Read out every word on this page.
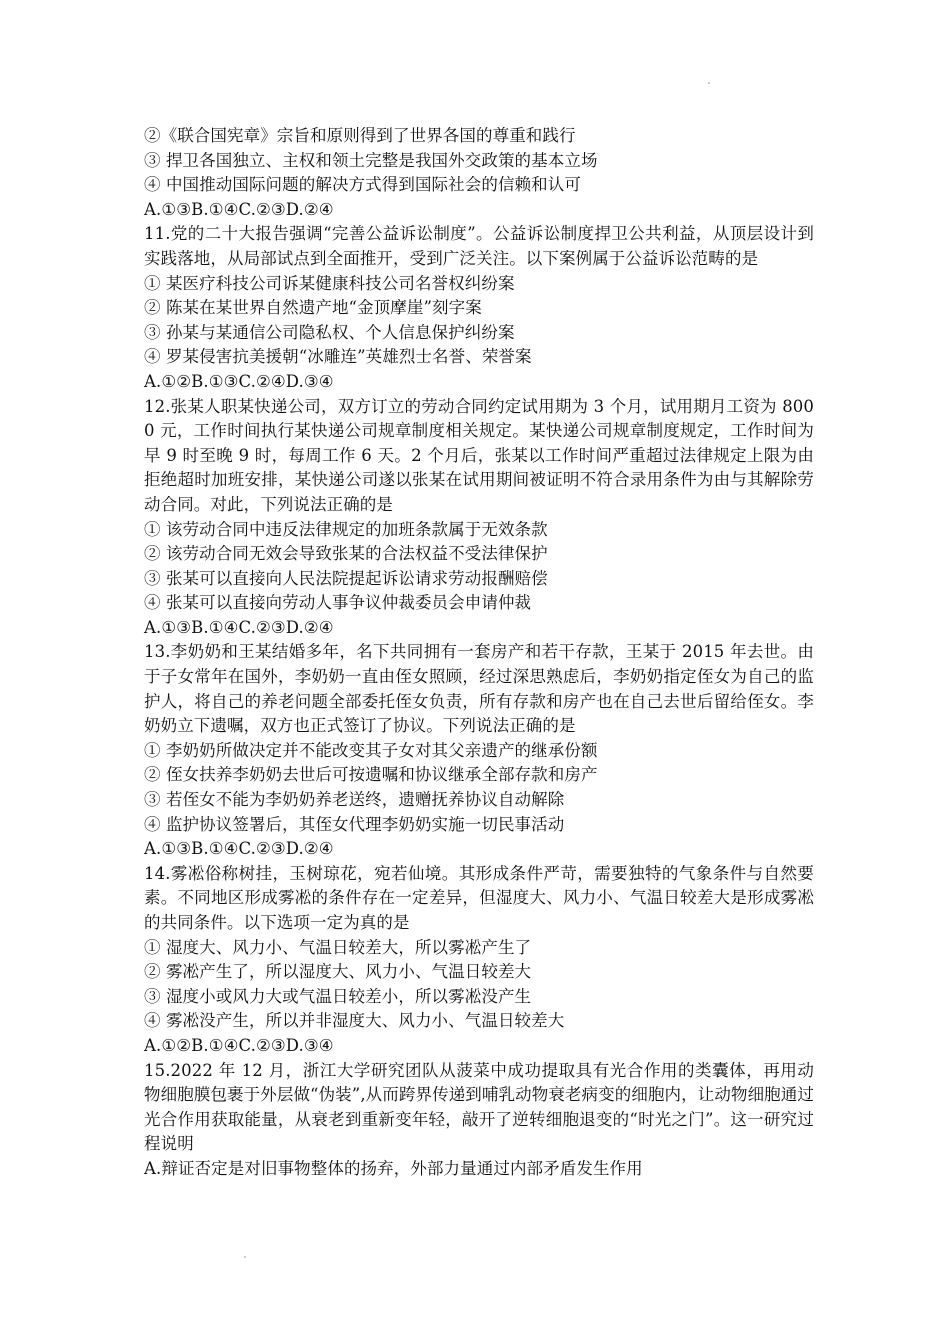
②《联合国宪章》宗旨和原则得到了世界各国的尊重和践行
③ 捍卫各国独立、主权和领土完整是我国外交政策的基本立场
④ 中国推动国际问题的解决方式得到国际社会的信赖和认可
A.①③B.①④C.②③D.②④
11.党的二十大报告强调“完善公益诉讼制度”。公益诉讼制度捍卫公共利益，从顶层设计到实践落地，从局部试点到全面推开，受到广泛关注。以下案例属于公益诉讼范畴的是
① 某医疗科技公司诉某健康科技公司名誉权纠纷案
② 陈某在某世界自然遗产地“金顶摩崖”刻字案
③ 孙某与某通信公司隐私权、个人信息保护纠纷案
④ 罗某侵害抗美援朝“冰雕连”英雄烈士名誉、荣誉案
A.①②B.①③C.②④D.③④
12.张某人职某快递公司，双方订立的劳动合同约定试用期为 3 个月，试用期月工资为 8000 元，工作时间执行某快递公司规章制度相关规定。某快递公司规章制度规定，工作时间为早 9 时至晚 9 时，每周工作 6 天。2 个月后，张某以工作时间严重超过法律规定上限为由拒绝超时加班安排，某快递公司遂以张某在试用期间被证明不符合录用条件为由与其解除劳动合同。对此，下列说法正确的是
① 该劳动合同中违反法律规定的加班条款属于无效条款
② 该劳动合同无效会导致张某的合法权益不受法律保护
③ 张某可以直接向人民法院提起诉讼请求劳动报酬赔偿
④ 张某可以直接向劳动人事争议仲裁委员会申请仲裁
A.①③B.①④C.②③D.②④
13.李奶奶和王某结婚多年，名下共同拥有一套房产和若干存款，王某于 2015 年去世。由于子女常年在国外，李奶奶一直由侄女照顾，经过深思熟虑后，李奶奶指定侄女为自己的监护人，将自己的养老问题全部委托侄女负责，所有存款和房产也在自己去世后留给侄女。李奶奶立下遗嘱，双方也正式签订了协议。下列说法正确的是
① 李奶奶所做决定并不能改变其子女对其父亲遗产的继承份额
② 侄女扶养李奶奶去世后可按遗嘱和协议继承全部存款和房产
③ 若侄女不能为李奶奶养老送终，遗赠抚养协议自动解除
④ 监护协议签署后，其侄女代理李奶奶实施一切民事活动
A.①③B.①④C.②③D.②④
14.雾凇俗称树挂，玉树琼花，宛若仙境。其形成条件严苛，需要独特的气象条件与自然要素。不同地区形成雾凇的条件存在一定差异，但湿度大、风力小、气温日较差大是形成雾凇的共同条件。以下选项一定为真的是
① 湿度大、风力小、气温日较差大，所以雾凇产生了
② 雾凇产生了，所以湿度大、风力小、气温日较差大
③ 湿度小或风力大或气温日较差小，所以雾凇没产生
④ 雾凇没产生，所以并非湿度大、风力小、气温日较差大
A.①②B.①④C.②③D.③④
15.2022 年 12 月，浙江大学研究团队从菠菜中成功提取具有光合作用的类囊体，再用动物细胞膜包裹于外层做“伪装”,从而跨界传递到哺乳动物衰老病变的细胞内，让动物细胞通过光合作用获取能量，从衰老到重新变年轻，敲开了逆转细胞退变的“时光之门”。这一研究过程说明
A.辩证否定是对旧事物整体的扬弃，外部力量通过内部矛盾发生作用
